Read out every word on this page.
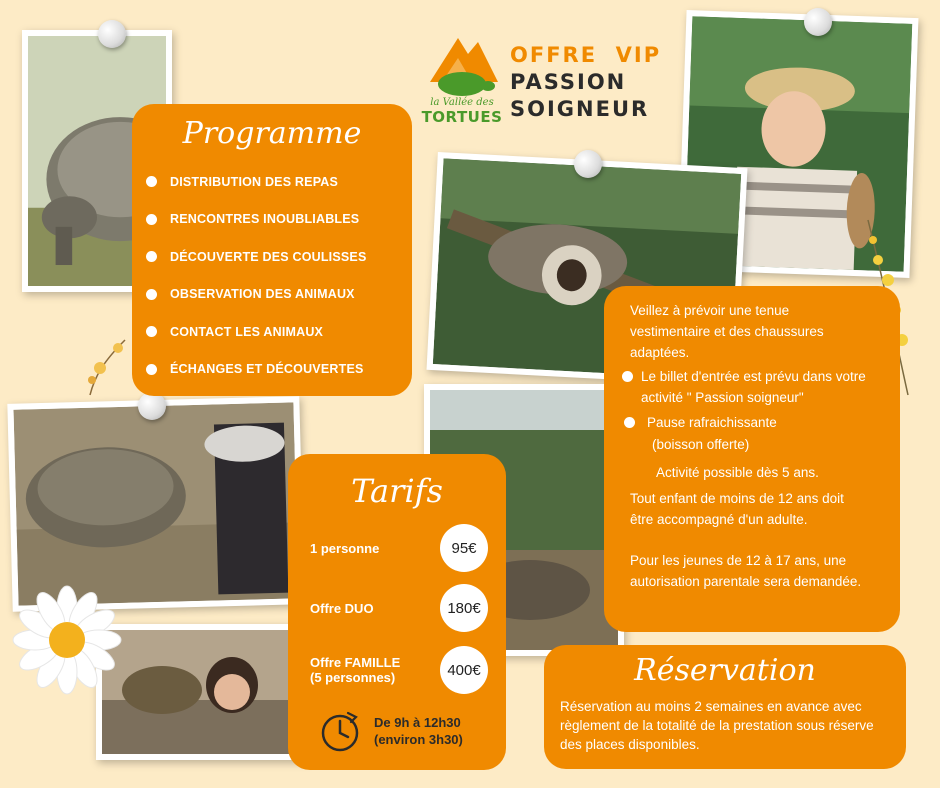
la Vallée des
TORTUES
OFFRE  VIP
PASSION
SOIGNEUR
Programme
DISTRIBUTION DES REPAS
RENCONTRES INOUBLIABLES
DÉCOUVERTE DES COULISSES
OBSERVATION DES ANIMAUX
CONTACT LES ANIMAUX
ÉCHANGES ET DÉCOUVERTES
Tarifs
1 personne	95€
Offre DUO	180€
Offre FAMILLE
(5 personnes)	400€
De 9h à 12h30
(environ 3h30)
Veillez à prévoir une tenue vestimentaire et des chaussures adaptées.
Le billet d'entrée est prévu dans votre activité " Passion soigneur"
Pause rafraichissante
(boisson offerte)
Activité possible dès 5 ans.
Tout enfant de moins de 12 ans doit être accompagné d'un adulte.
Pour les jeunes de 12 à 17 ans, une autorisation parentale sera demandée.
Réservation
Réservation au moins 2 semaines en avance avec règlement de la totalité de la prestation sous réserve des places disponibles.
